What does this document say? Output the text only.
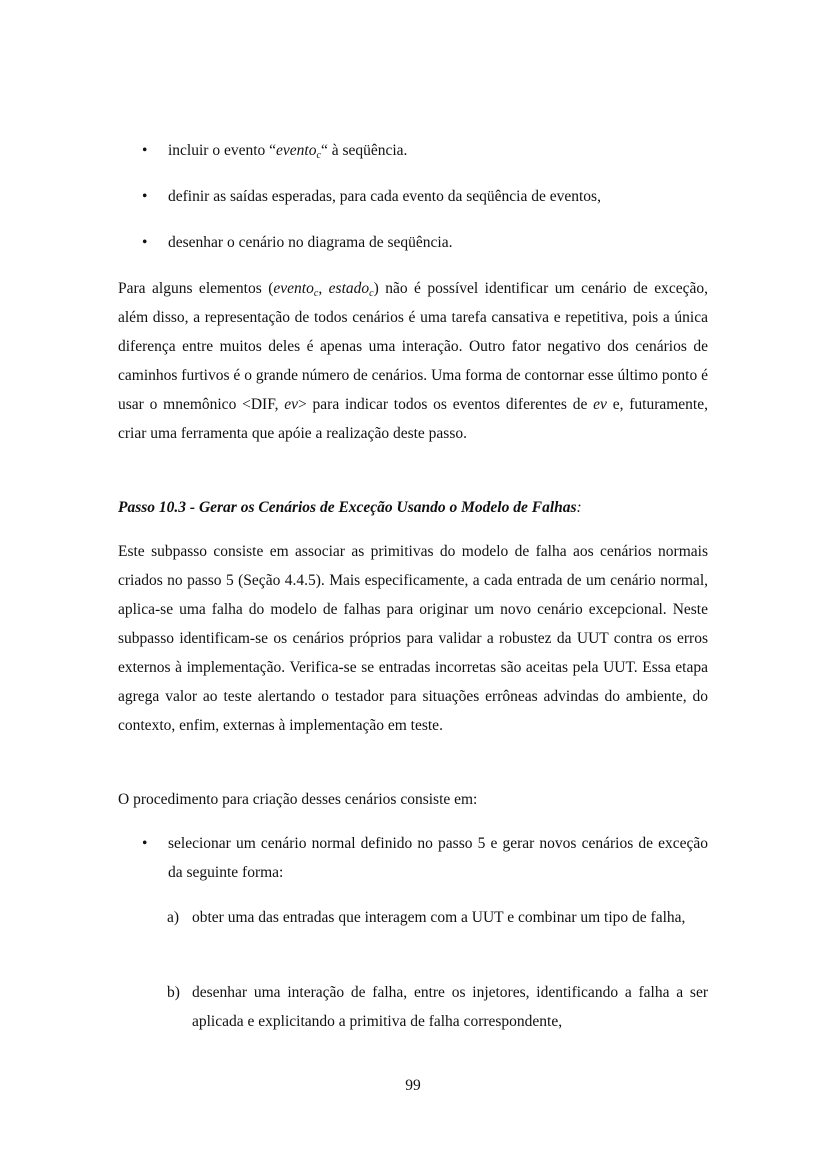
• incluir o evento “evento$_c$“ à seqüência.
• definir as saídas esperadas, para cada evento da seqüência de eventos,
• desenhar o cenário no diagrama de seqüência.
Para alguns elementos (evento$_c$, estado$_c$) não é possível identificar um cenário de exceção, além disso, a representação de todos cenários é uma tarefa cansativa e repetitiva, pois a única diferença entre muitos deles é apenas uma interação. Outro fator negativo dos cenários de caminhos furtivos é o grande número de cenários. Uma forma de contornar esse último ponto é usar o mnemônico <DIF, ev> para indicar todos os eventos diferentes de ev e, futuramente, criar uma ferramenta que apóie a realização deste passo.
Passo 10.3 - Gerar os Cenários de Exceção Usando o Modelo de Falhas:
Este subpasso consiste em associar as primitivas do modelo de falha aos cenários normais criados no passo 5 (Seção 4.4.5). Mais especificamente, a cada entrada de um cenário normal, aplica-se uma falha do modelo de falhas para originar um novo cenário excepcional. Neste subpasso identificam-se os cenários próprios para validar a robustez da UUT contra os erros externos à implementação. Verifica-se se entradas incorretas são aceitas pela UUT. Essa etapa agrega valor ao teste alertando o testador para situações errôneas advindas do ambiente, do contexto, enfim, externas à implementação em teste.
O procedimento para criação desses cenários consiste em:
• selecionar um cenário normal definido no passo 5 e gerar novos cenários de exceção da seguinte forma:
a) obter uma das entradas que interagem com a UUT e combinar um tipo de falha,
b) desenhar uma interação de falha, entre os injetores, identificando a falha a ser aplicada e explicitando a primitiva de falha correspondente,
99
